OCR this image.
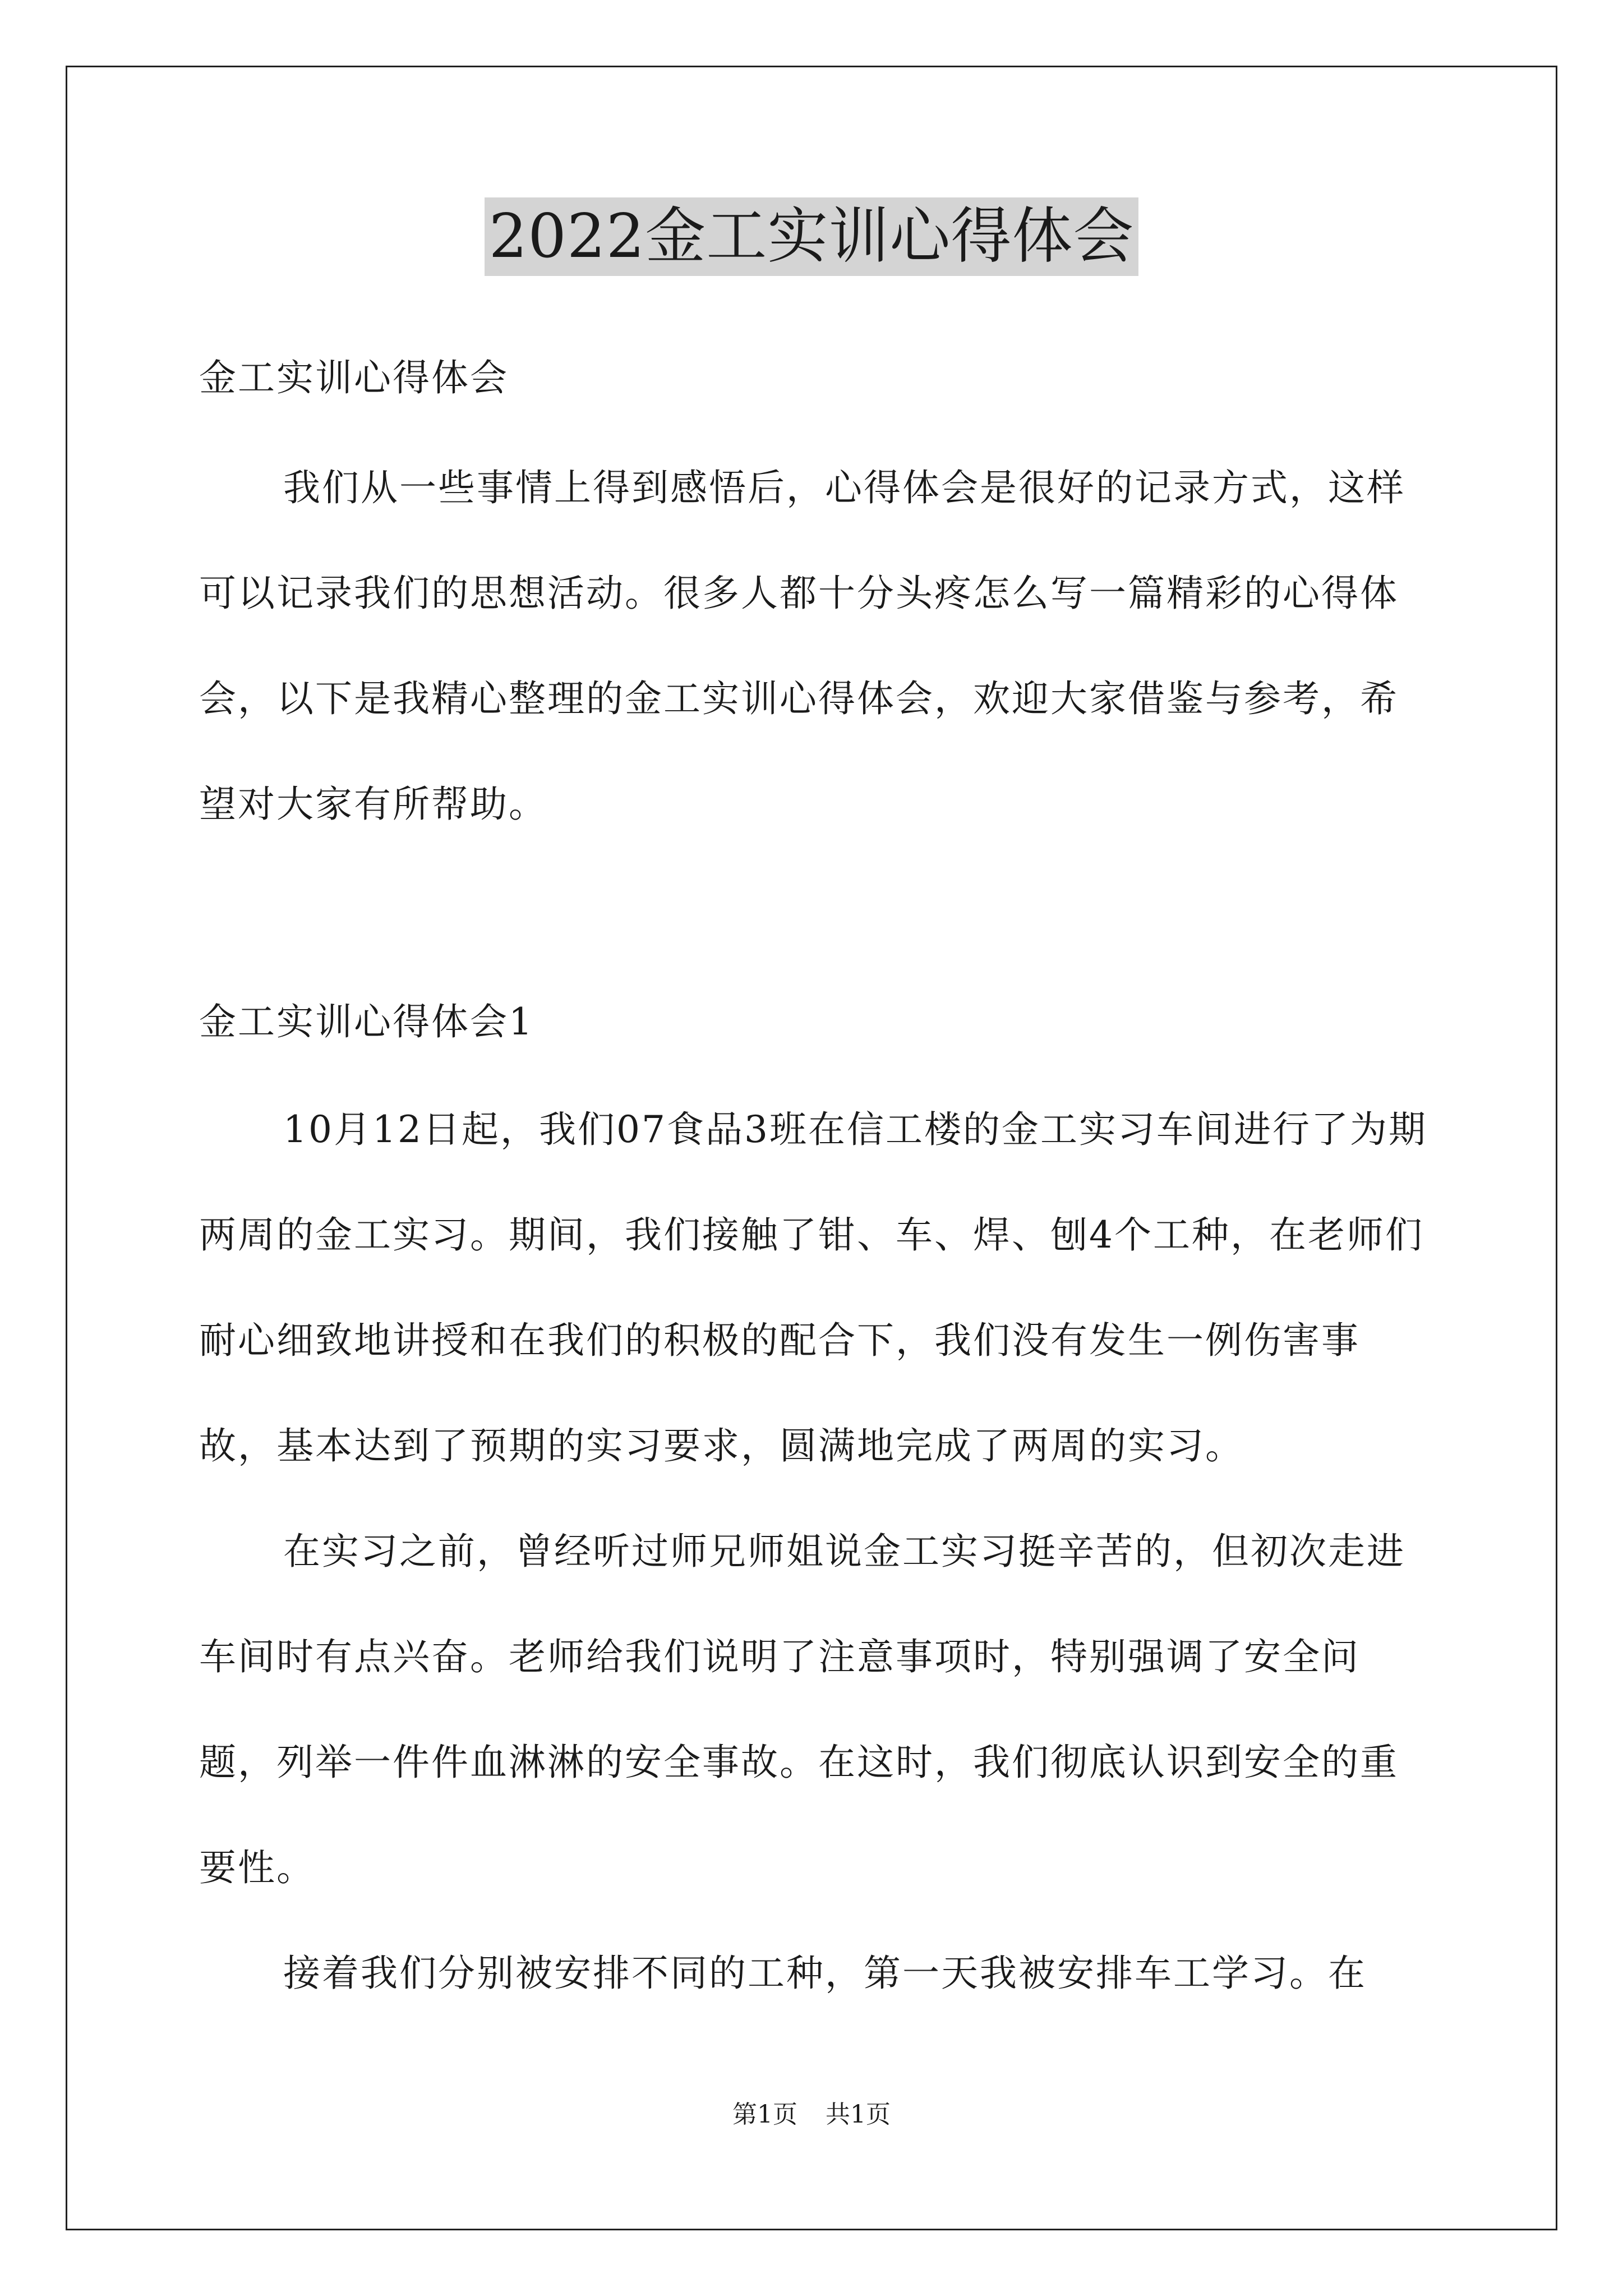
2022金工实训心得体会

金工实训心得体会

我们从一些事情上得到感悟后，心得体会是很好的记录方式，这样可以记录我们的思想活动。很多人都十分头疼怎么写一篇精彩的心得体会，以下是我精心整理的金工实训心得体会，欢迎大家借鉴与参考，希望对大家有所帮助。

金工实训心得体会1

10月12日起，我们07食品3班在信工楼的金工实习车间进行了为期两周的金工实习。期间，我们接触了钳、车、焊、刨4个工种，在老师们耐心细致地讲授和在我们的积极的配合下，我们没有发生一例伤害事故，基本达到了预期的实习要求，圆满地完成了两周的实习。

在实习之前，曾经听过师兄师姐说金工实习挺辛苦的，但初次走进车间时有点兴奋。老师给我们说明了注意事项时，特别强调了安全问题，列举一件件血淋淋的安全事故。在这时，我们彻底认识到安全的重要性。

接着我们分别被安排不同的工种，第一天我被安排车工学习。在

第1页 共1页
